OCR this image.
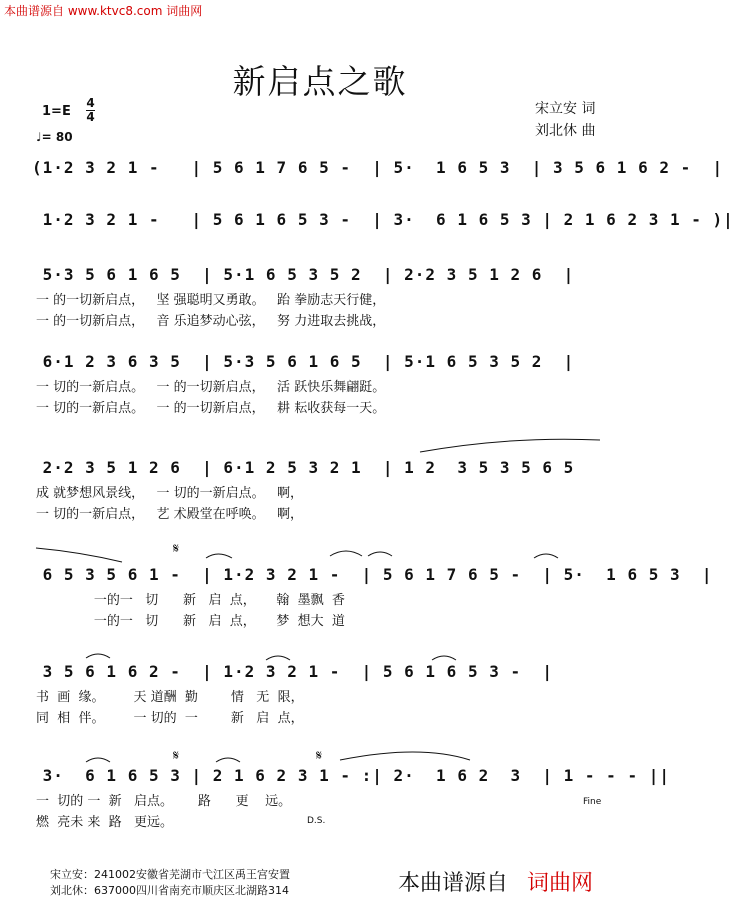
本曲谱源自 www.ktvc8.com 词曲网
新启点之歌
1=E
4
4
♩= 80
宋立安 词
刘北休 曲
(1·2 3 2 1 -   | 5 6 1 7 6 5 -  | 5·  1 6 5 3  | 3 5 6 1 6 2 -  |
1·2 3 2 1 -   | 5 6 1 6 5 3 -  | 3·  6 1 6 5 3 | 2 1 6 2 3 1 - )|
5·3 5 6 1 6 5  | 5·1 6 5 3 5 2  | 2·2 3 5 1 2 6  |
一 的一切新启点，   坚 强聪明又勇敢。   跆 拳励志天行健，
一 的一切新启点，   音 乐追梦动心弦，   努 力进取去挑战，
6·1 2 3 6 3 5  | 5·3 5 6 1 6 5  | 5·1 6 5 3 5 2  |
一 切的一新启点。   一 的一切新启点，   活 跃快乐舞翩跹。
一 切的一新启点。   一 的一切新启点，   耕 耘收获每一天。
2·2 3 5 1 2 6  | 6·1 2 5 3 2 1  | 1 2  3 5 3 5 6 5
成 就梦想风景线，   一 切的一新启点。   啊，
一 切的一新启点，   艺 术殿堂在呼唤。   啊，
6 5 3 5 6 1 -  | 1·2 3 2 1 -  | 5 6 1 7 6 5 -  | 5·  1 6 5 3  |
一的一   切      新   启  点，     翰  墨飘  香
一的一   切      新   启  点，     梦  想大  道
3 5 6 1 6 2 -  | 1·2 3 2 1 -  | 5 6 1 6 5 3 -  |
书  画  缘。       天 道酬  勤        情   无  限，
同  相  伴。       一 切的  一        新   启  点，
3·  6 1 6 5 3 | 2 1 6 2 3 1 - :| 2·  1 6 2  3  | 1 - - - ||
一  切的 一  新   启点。      路      更    远。
燃  亮未 来  路   更远。
Fine
D.S.
𝄋
𝄋	𝄋
宋立安：241002安徽省芜湖市弋江区禹王宫安置
刘北休：637000四川省南充市顺庆区北湖路314	本曲谱源自 词曲网
